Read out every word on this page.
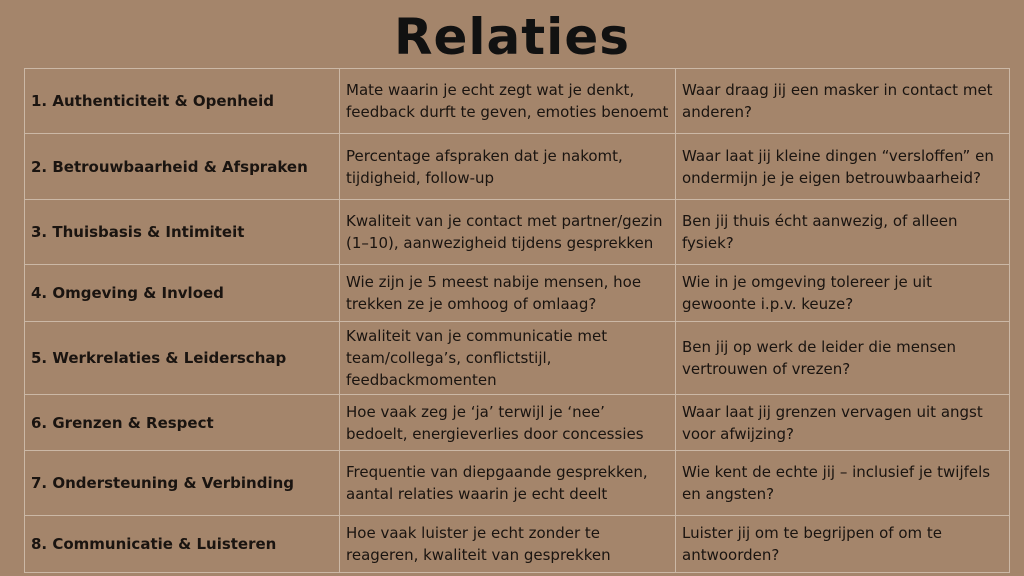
Relaties
1. Authenticiteit & Openheid	Mate waarin je echt zegt wat je denkt, feedback durft te geven, emoties benoemt	Waar draag jij een masker in contact met anderen?
2. Betrouwbaarheid & Afspraken	Percentage afspraken dat je nakomt, tijdigheid, follow-up	Waar laat jij kleine dingen “versloffen” en ondermijn je je eigen betrouwbaarheid?
3. Thuisbasis & Intimiteit	Kwaliteit van je contact met partner/gezin (1–10), aanwezigheid tijdens gesprekken	Ben jij thuis écht aanwezig, of alleen fysiek?
4. Omgeving & Invloed	Wie zijn je 5 meest nabije mensen, hoe trekken ze je omhoog of omlaag?	Wie in je omgeving tolereer je uit gewoonte i.p.v. keuze?
5. Werkrelaties & Leiderschap	Kwaliteit van je communicatie met team/collega’s, conflictstijl, feedbackmomenten	Ben jij op werk de leider die mensen vertrouwen of vrezen?
6. Grenzen & Respect	Hoe vaak zeg je ‘ja’ terwijl je ‘nee’ bedoelt, energieverlies door concessies	Waar laat jij grenzen vervagen uit angst voor afwijzing?
7. Ondersteuning & Verbinding	Frequentie van diepgaande gesprekken, aantal relaties waarin je echt deelt	Wie kent de echte jij – inclusief je twijfels en angsten?
8. Communicatie & Luisteren	Hoe vaak luister je echt zonder te reageren, kwaliteit van gesprekken	Luister jij om te begrijpen of om te antwoorden?
